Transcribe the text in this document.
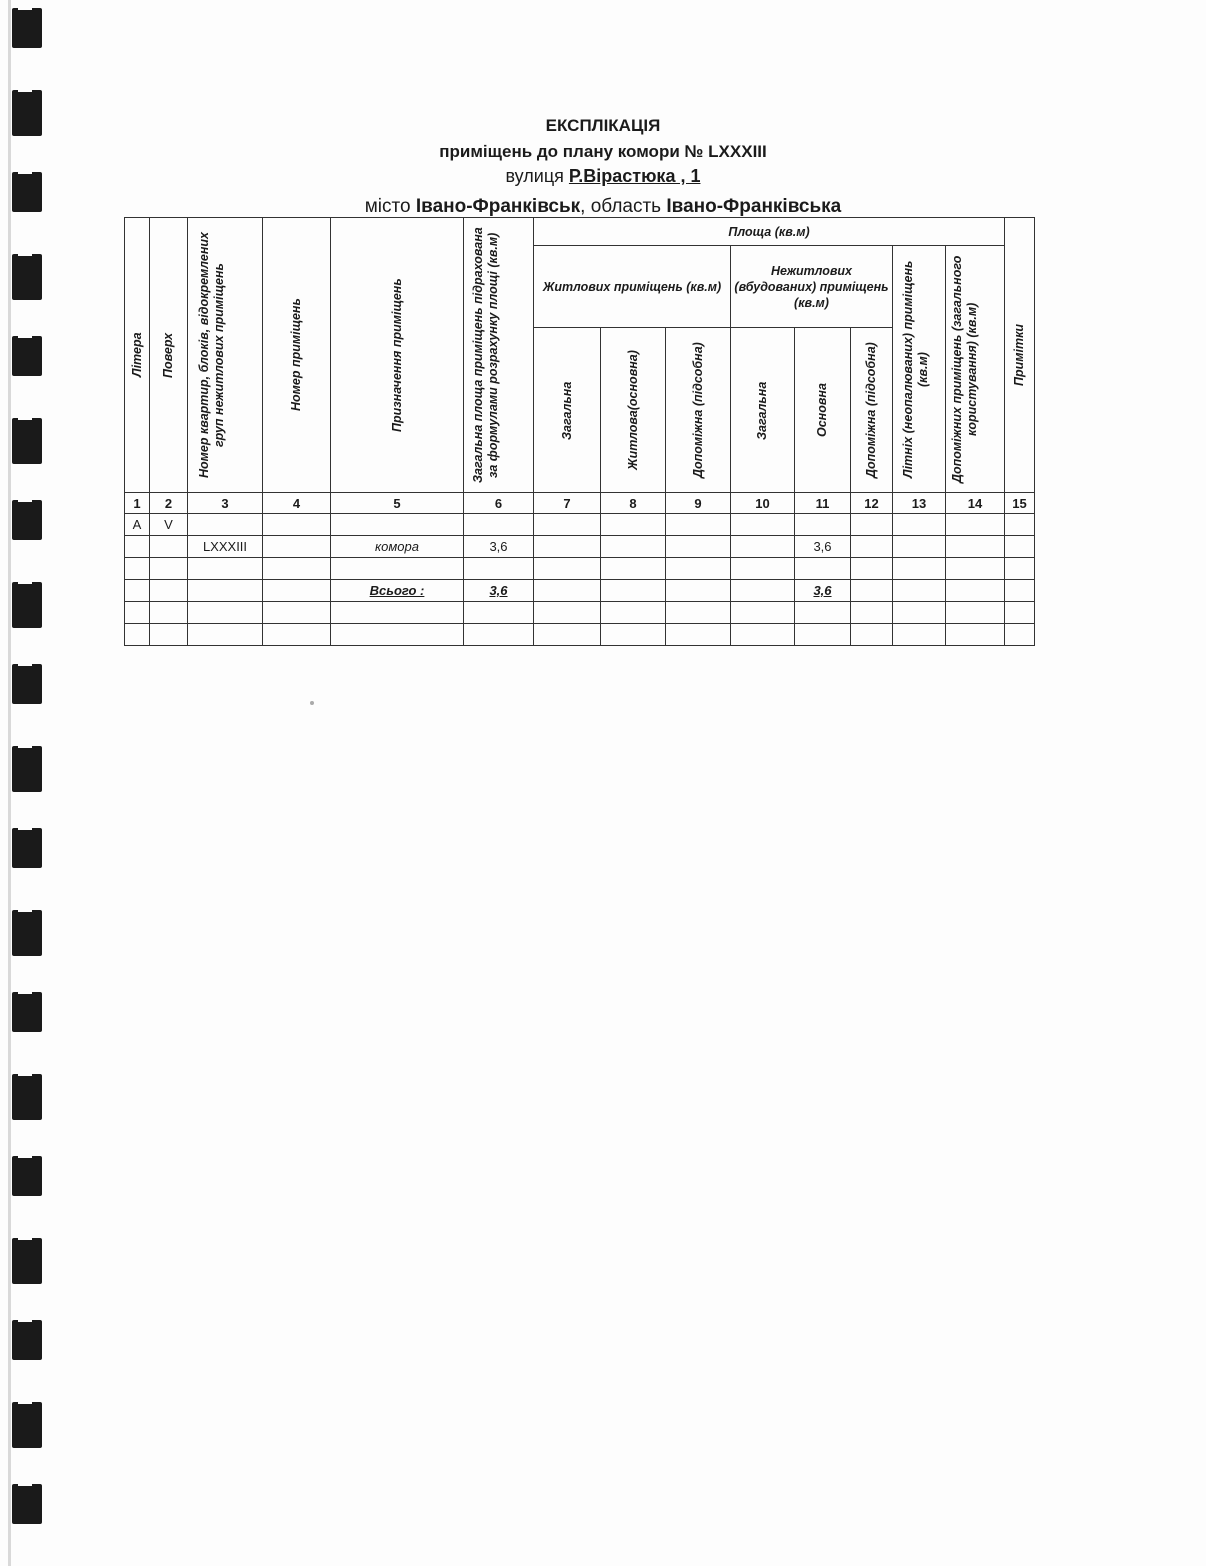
ЕКСПЛІКАЦІЯ
приміщень до плану комори № LXXXIII
вулиця Р.Вірастюка , 1
місто Івано-Франківськ, область Івано-Франківська
Літера	Поверх	Номер квартир, блоків, відокремлених груп нежитлових приміщень	Номер приміщень	Призначення приміщень	Загальна площа приміщень підрахована за формулами розрахунку площі (кв.м)	Площа (кв.м)								Примітки

						Житлових приміщень (кв.м)			Нежитлових (вбудованих) приміщень (кв.м)			Літніх (неопалюваних) приміщень (кв.м)	Допоміжних приміщень (загального користування) (кв.м)	

						Загальна	Житлова(основна)	Допоміжна (підсобна)	Загальна	Основна	Допоміжна (підсобна)			

1	2	3	4	5	6	7	8	9	10	11	12	13	14	15
A	V													
		LXXXIII		комора	3,6					3,6				

				Всього :	3,6					3,6				
